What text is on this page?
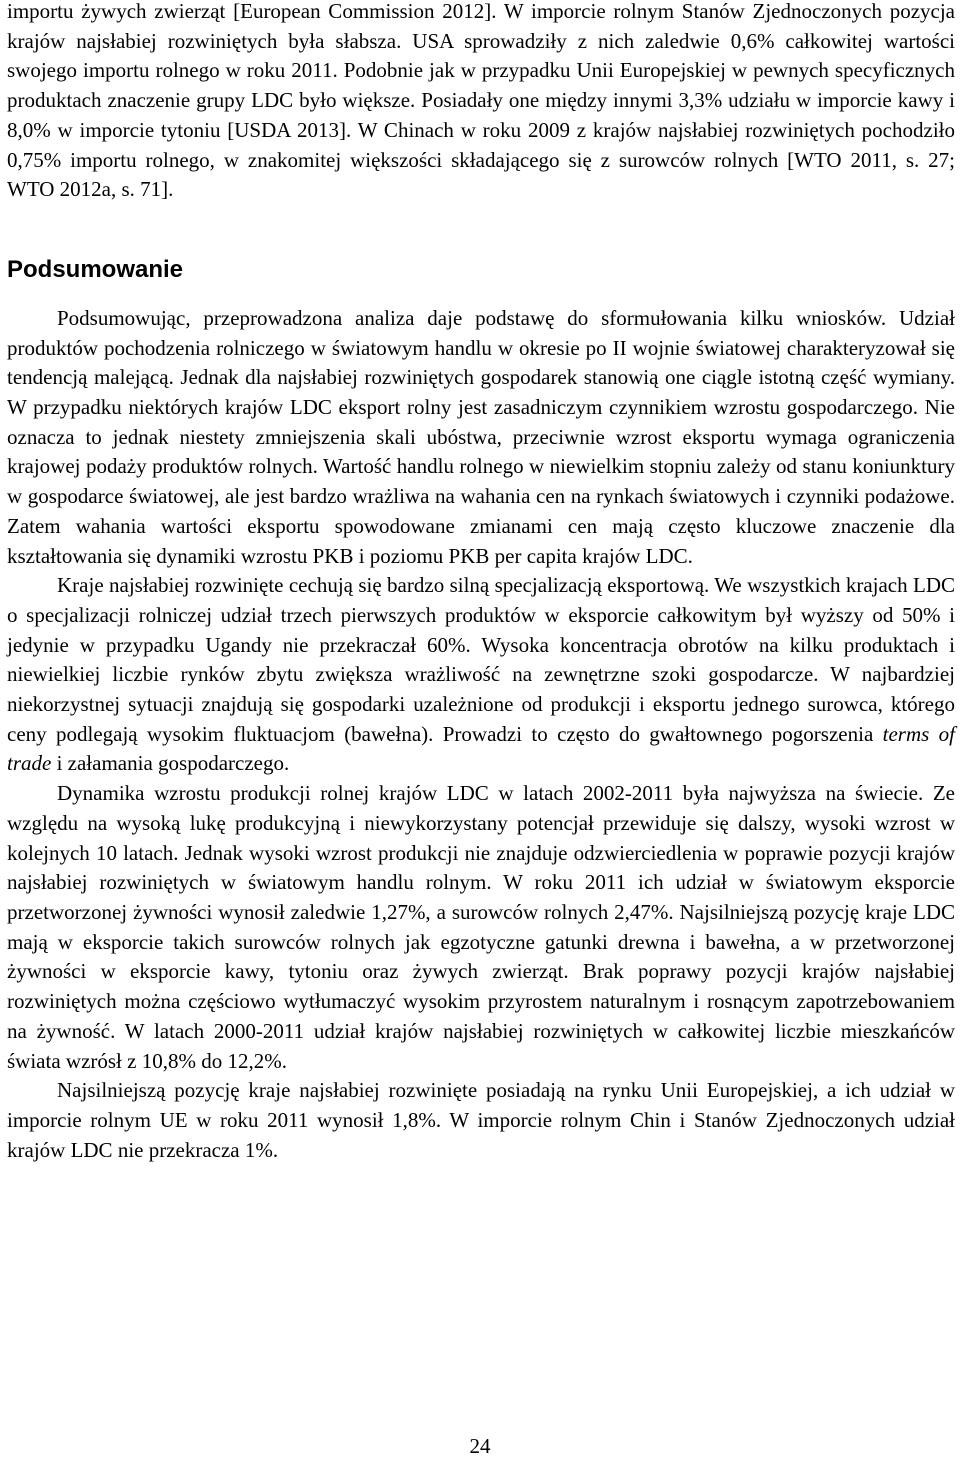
importu żywych zwierząt [European Commission 2012]. W imporcie rolnym Stanów Zjednoczonych pozycja krajów najsłabiej rozwiniętych była słabsza. USA sprowadziły z nich zaledwie 0,6% całkowitej wartości swojego importu rolnego w roku 2011. Podobnie jak w przypadku Unii Europejskiej w pewnych specyficznych produktach znaczenie grupy LDC było większe. Posiadały one między innymi 3,3% udziału w imporcie kawy i 8,0% w imporcie tytoniu [USDA 2013]. W Chinach w roku 2009 z krajów najsłabiej rozwiniętych pochodziło 0,75% importu rolnego, w znakomitej większości składającego się z surowców rolnych [WTO 2011, s. 27; WTO 2012a, s. 71].

Podsumowanie

Podsumowując, przeprowadzona analiza daje podstawę do sformułowania kilku wniosków. Udział produktów pochodzenia rolniczego w światowym handlu w okresie po II wojnie światowej charakteryzował się tendencją malejącą. Jednak dla najsłabiej rozwiniętych gospodarek stanowią one ciągle istotną część wymiany. W przypadku niektórych krajów LDC eksport rolny jest zasadniczym czynnikiem wzrostu gospodarczego. Nie oznacza to jednak niestety zmniejszenia skali ubóstwa, przeciwnie wzrost eksportu wymaga ograniczenia krajowej podaży produktów rolnych. Wartość handlu rolnego w niewielkim stopniu zależy od stanu koniunktury w gospodarce światowej, ale jest bardzo wrażliwa na wahania cen na rynkach światowych i czynniki podażowe. Zatem wahania wartości eksportu spowodowane zmianami cen mają często kluczowe znaczenie dla kształtowania się dynamiki wzrostu PKB i poziomu PKB per capita krajów LDC.

Kraje najsłabiej rozwinięte cechują się bardzo silną specjalizacją eksportową. We wszystkich krajach LDC o specjalizacji rolniczej udział trzech pierwszych produktów w eksporcie całkowitym był wyższy od 50% i jedynie w przypadku Ugandy nie przekraczał 60%. Wysoka koncentracja obrotów na kilku produktach i niewielkiej liczbie rynków zbytu zwiększa wrażliwość na zewnętrzne szoki gospodarcze. W najbardziej niekorzystnej sytuacji znajdują się gospodarki uzależnione od produkcji i eksportu jednego surowca, którego ceny podlegają wysokim fluktuacjom (bawełna). Prowadzi to często do gwałtownego pogorszenia terms of trade i załamania gospodarczego.

Dynamika wzrostu produkcji rolnej krajów LDC w latach 2002-2011 była najwyższa na świecie. Ze względu na wysoką lukę produkcyjną i niewykorzystany potencjał przewiduje się dalszy, wysoki wzrost w kolejnych 10 latach. Jednak wysoki wzrost produkcji nie znajduje odzwierciedlenia w poprawie pozycji krajów najsłabiej rozwiniętych w światowym handlu rolnym. W roku 2011 ich udział w światowym eksporcie przetworzonej żywności wynosił zaledwie 1,27%, a surowców rolnych 2,47%. Najsilniejszą pozycję kraje LDC mają w eksporcie takich surowców rolnych jak egzotyczne gatunki drewna i bawełna, a w przetworzonej żywności w eksporcie kawy, tytoniu oraz żywych zwierząt. Brak poprawy pozycji krajów najsłabiej rozwiniętych można częściowo wytłumaczyć wysokim przyrostem naturalnym i rosnącym zapotrzebowaniem na żywność. W latach 2000-2011 udział krajów najsłabiej rozwiniętych w całkowitej liczbie mieszkańców świata wzrósł z 10,8% do 12,2%.

Najsilniejszą pozycję kraje najsłabiej rozwinięte posiadają na rynku Unii Europejskiej, a ich udział w imporcie rolnym UE w roku 2011 wynosił 1,8%. W imporcie rolnym Chin i Stanów Zjednoczonych udział krajów LDC nie przekracza 1%.

24
